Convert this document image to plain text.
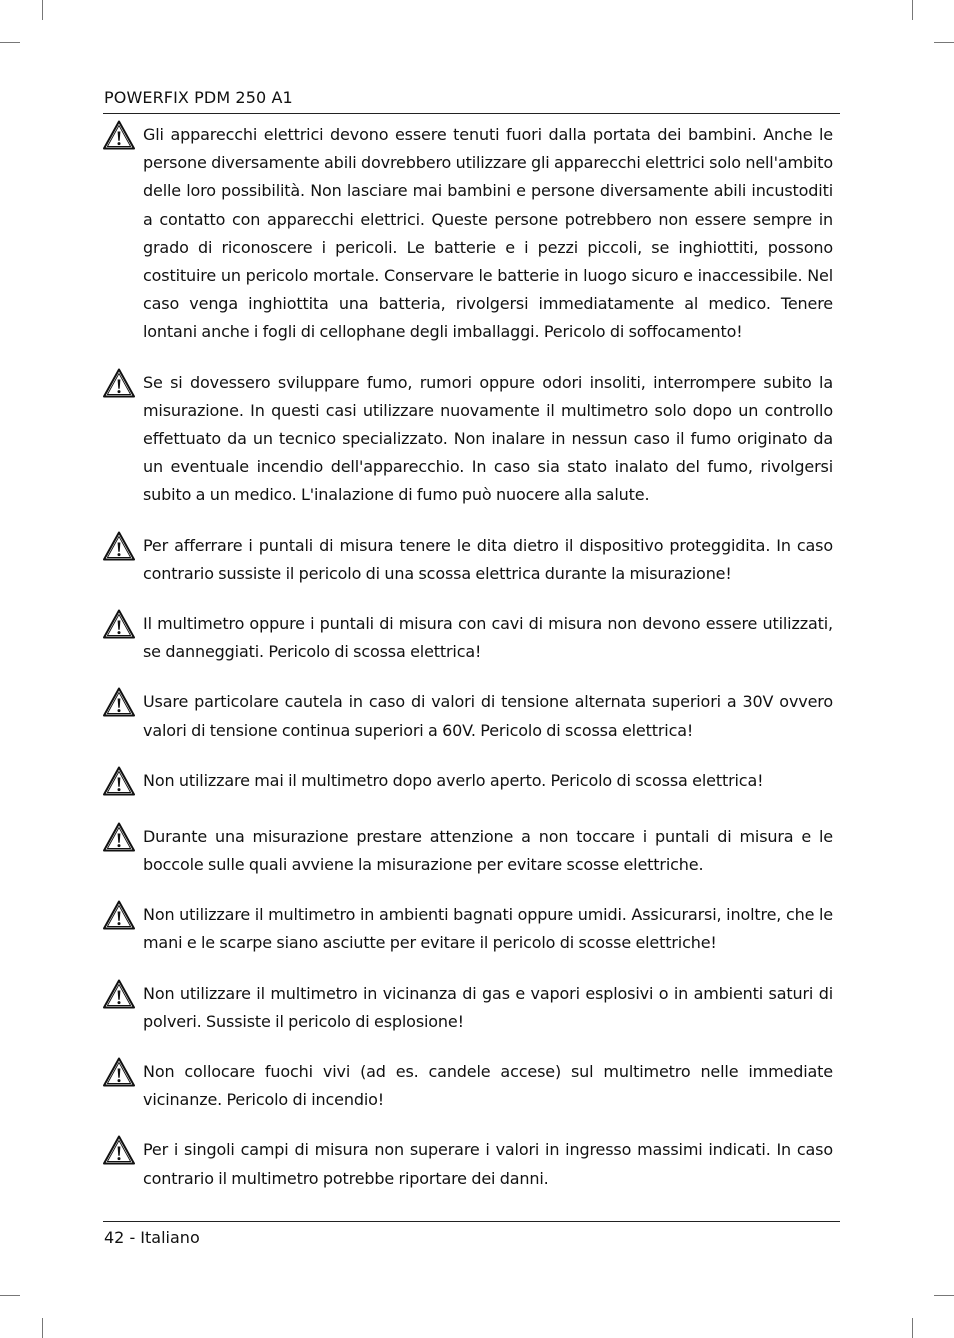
POWERFIX PDM 250 A1

Gli apparecchi elettrici devono essere tenuti fuori dalla portata dei bambini. Anche le persone diversamente abili dovrebbero utilizzare gli apparecchi elettrici solo nell'ambito delle loro possibilità. Non lasciare mai bambini e persone diversamente abili incustoditi a contatto con apparecchi elettrici. Queste persone potrebbero non essere sempre in grado di riconoscere i pericoli. Le batterie e i pezzi piccoli, se inghiottiti, possono costituire un pericolo mortale. Conservare le batterie in luogo sicuro e inaccessibile. Nel caso venga inghiottita una batteria, rivolgersi immediatamente al medico. Tenere lontani anche i fogli di cellophane degli imballaggi. Pericolo di soffocamento!

Se si dovessero sviluppare fumo, rumori oppure odori insoliti, interrompere subito la misurazione. In questi casi utilizzare nuovamente il multimetro solo dopo un controllo effettuato da un tecnico specializzato. Non inalare in nessun caso il fumo originato da un eventuale incendio dell'apparecchio. In caso sia stato inalato del fumo, rivolgersi subito a un medico. L'inalazione di fumo può nuocere alla salute.

Per afferrare i puntali di misura tenere le dita dietro il dispositivo proteggidita. In caso contrario sussiste il pericolo di una scossa elettrica durante la misurazione!

Il multimetro oppure i puntali di misura con cavi di misura non devono essere utilizzati, se danneggiati. Pericolo di scossa elettrica!

Usare particolare cautela in caso di valori di tensione alternata superiori a 30V ovvero valori di tensione continua superiori a 60V. Pericolo di scossa elettrica!

Non utilizzare mai il multimetro dopo averlo aperto. Pericolo di scossa elettrica!

Durante una misurazione prestare attenzione a non toccare i puntali di misura e le boccole sulle quali avviene la misurazione per evitare scosse elettriche.

Non utilizzare il multimetro in ambienti bagnati oppure umidi. Assicurarsi, inoltre, che le mani e le scarpe siano asciutte per evitare il pericolo di scosse elettriche!

Non utilizzare il multimetro in vicinanza di gas e vapori esplosivi o in ambienti saturi di polveri. Sussiste il pericolo di esplosione!

Non collocare fuochi vivi (ad es. candele accese) sul multimetro nelle immediate vicinanze. Pericolo di incendio!

Per i singoli campi di misura non superare i valori in ingresso massimi indicati. In caso contrario il multimetro potrebbe riportare dei danni.

42 - Italiano
